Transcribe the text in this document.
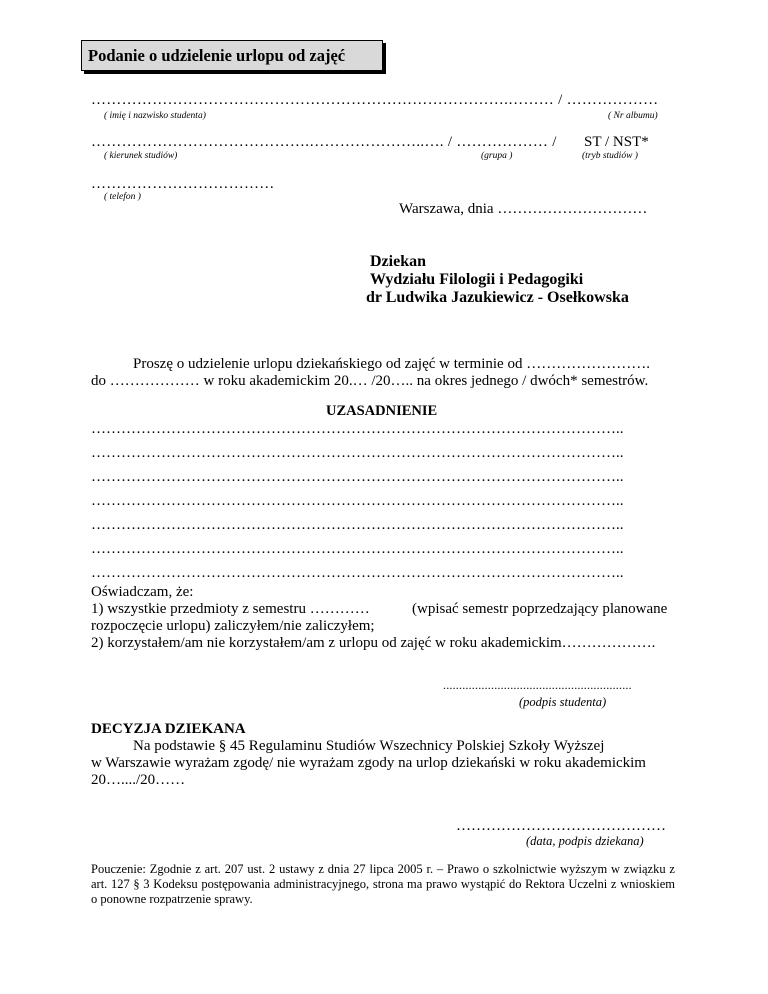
Podanie o udzielenie urlopu od zajęć
……………………………………………………………………….……… / ………………
( imię i nazwisko studenta)	( Nr albumu)
…………………………………….…………………..…. / ……………… / ST / NST*
( kierunek studiów)	(grupa )	(tryb studiów )
………………………………
( telefon )
Warszawa, dnia …………………………
Dziekan
Wydziału Filologii i Pedagogiki
dr Ludwika Jazukiewicz - Osełkowska
Proszę o udzielenie urlopu dziekańskiego od zajęć w terminie od …………………….
do ……………… w roku akademickim 20.… /20….. na okres jednego / dwóch* semestrów.
UZASADNIENIE
……………………………………………………………………………………………..
……………………………………………………………………………………………..
……………………………………………………………………………………………..
……………………………………………………………………………………………..
……………………………………………………………………………………………..
……………………………………………………………………………………………..
……………………………………………………………………………………………..
Oświadczam, że:
1) wszystkie przedmioty z semestru …………	(wpisać semestr poprzedzający planowane
rozpoczęcie urlopu) zaliczyłem/nie zaliczyłem;
2) korzystałem/am nie korzystałem/am z urlopu od zajęć w roku akademickim……………….
...........................................................
(podpis studenta)
DECYZJA DZIEKANA
Na podstawie § 45 Regulaminu Studiów Wszechnicy Polskiej Szkoły Wyższej
w Warszawie wyrażam zgodę/ nie wyrażam zgody na urlop dziekański w roku akademickim
20…..../20……
……………………………………
(data, podpis dziekana)
Pouczenie: Zgodnie z art. 207 ust. 2 ustawy z dnia 27 lipca 2005 r. – Prawo o szkolnictwie wyższym w związku z art. 127 § 3 Kodeksu postępowania administracyjnego, strona ma prawo wystąpić do Rektora Uczelni z wnioskiem o ponowne rozpatrzenie sprawy.
